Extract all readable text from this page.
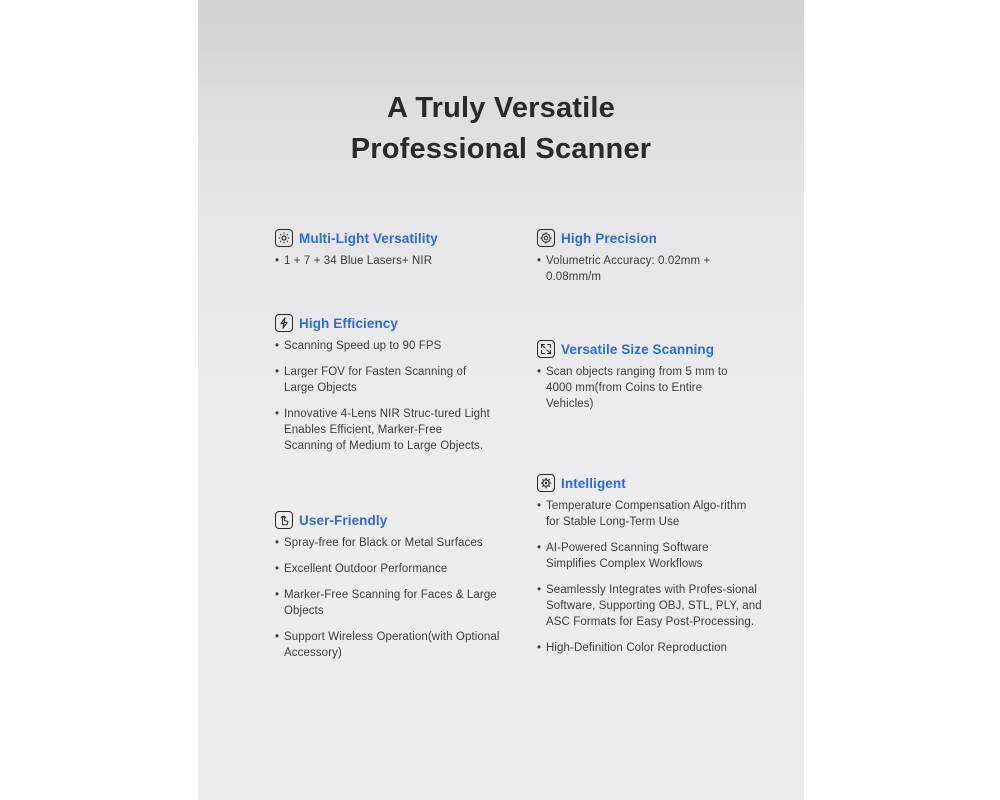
A Truly Versatile
Professional Scanner
Multi-Light Versatility
• 1 + 7 + 34 Blue Lasers+ NIR
High Efficiency
• Scanning Speed up to 90 FPS
• Larger FOV for Fasten Scanning of Large Objects
• Innovative 4-Lens NIR Struc-tured Light Enables Efficient, Marker-Free Scanning of Medium to Large Objects.
User-Friendly
• Spray-free for Black or Metal Surfaces
• Excellent Outdoor Performance
• Marker-Free Scanning for Faces & Large Objects
• Support Wireless Operation(with Optional Accessory)
High Precision
• Volumetric Accuracy: 0.02mm + 0.08mm/m
Versatile Size Scanning
• Scan objects ranging from 5 mm to 4000 mm(from Coins to Entire Vehicles)
Intelligent
• Temperature Compensation Algo-rithm for Stable Long-Term Use
• AI-Powered Scanning Software Simplifies Complex Workflows
• Seamlessly Integrates with Profes-sional Software, Supporting OBJ, STL, PLY, and ASC Formats for Easy Post-Processing.
• High-Definition Color Reproduction
